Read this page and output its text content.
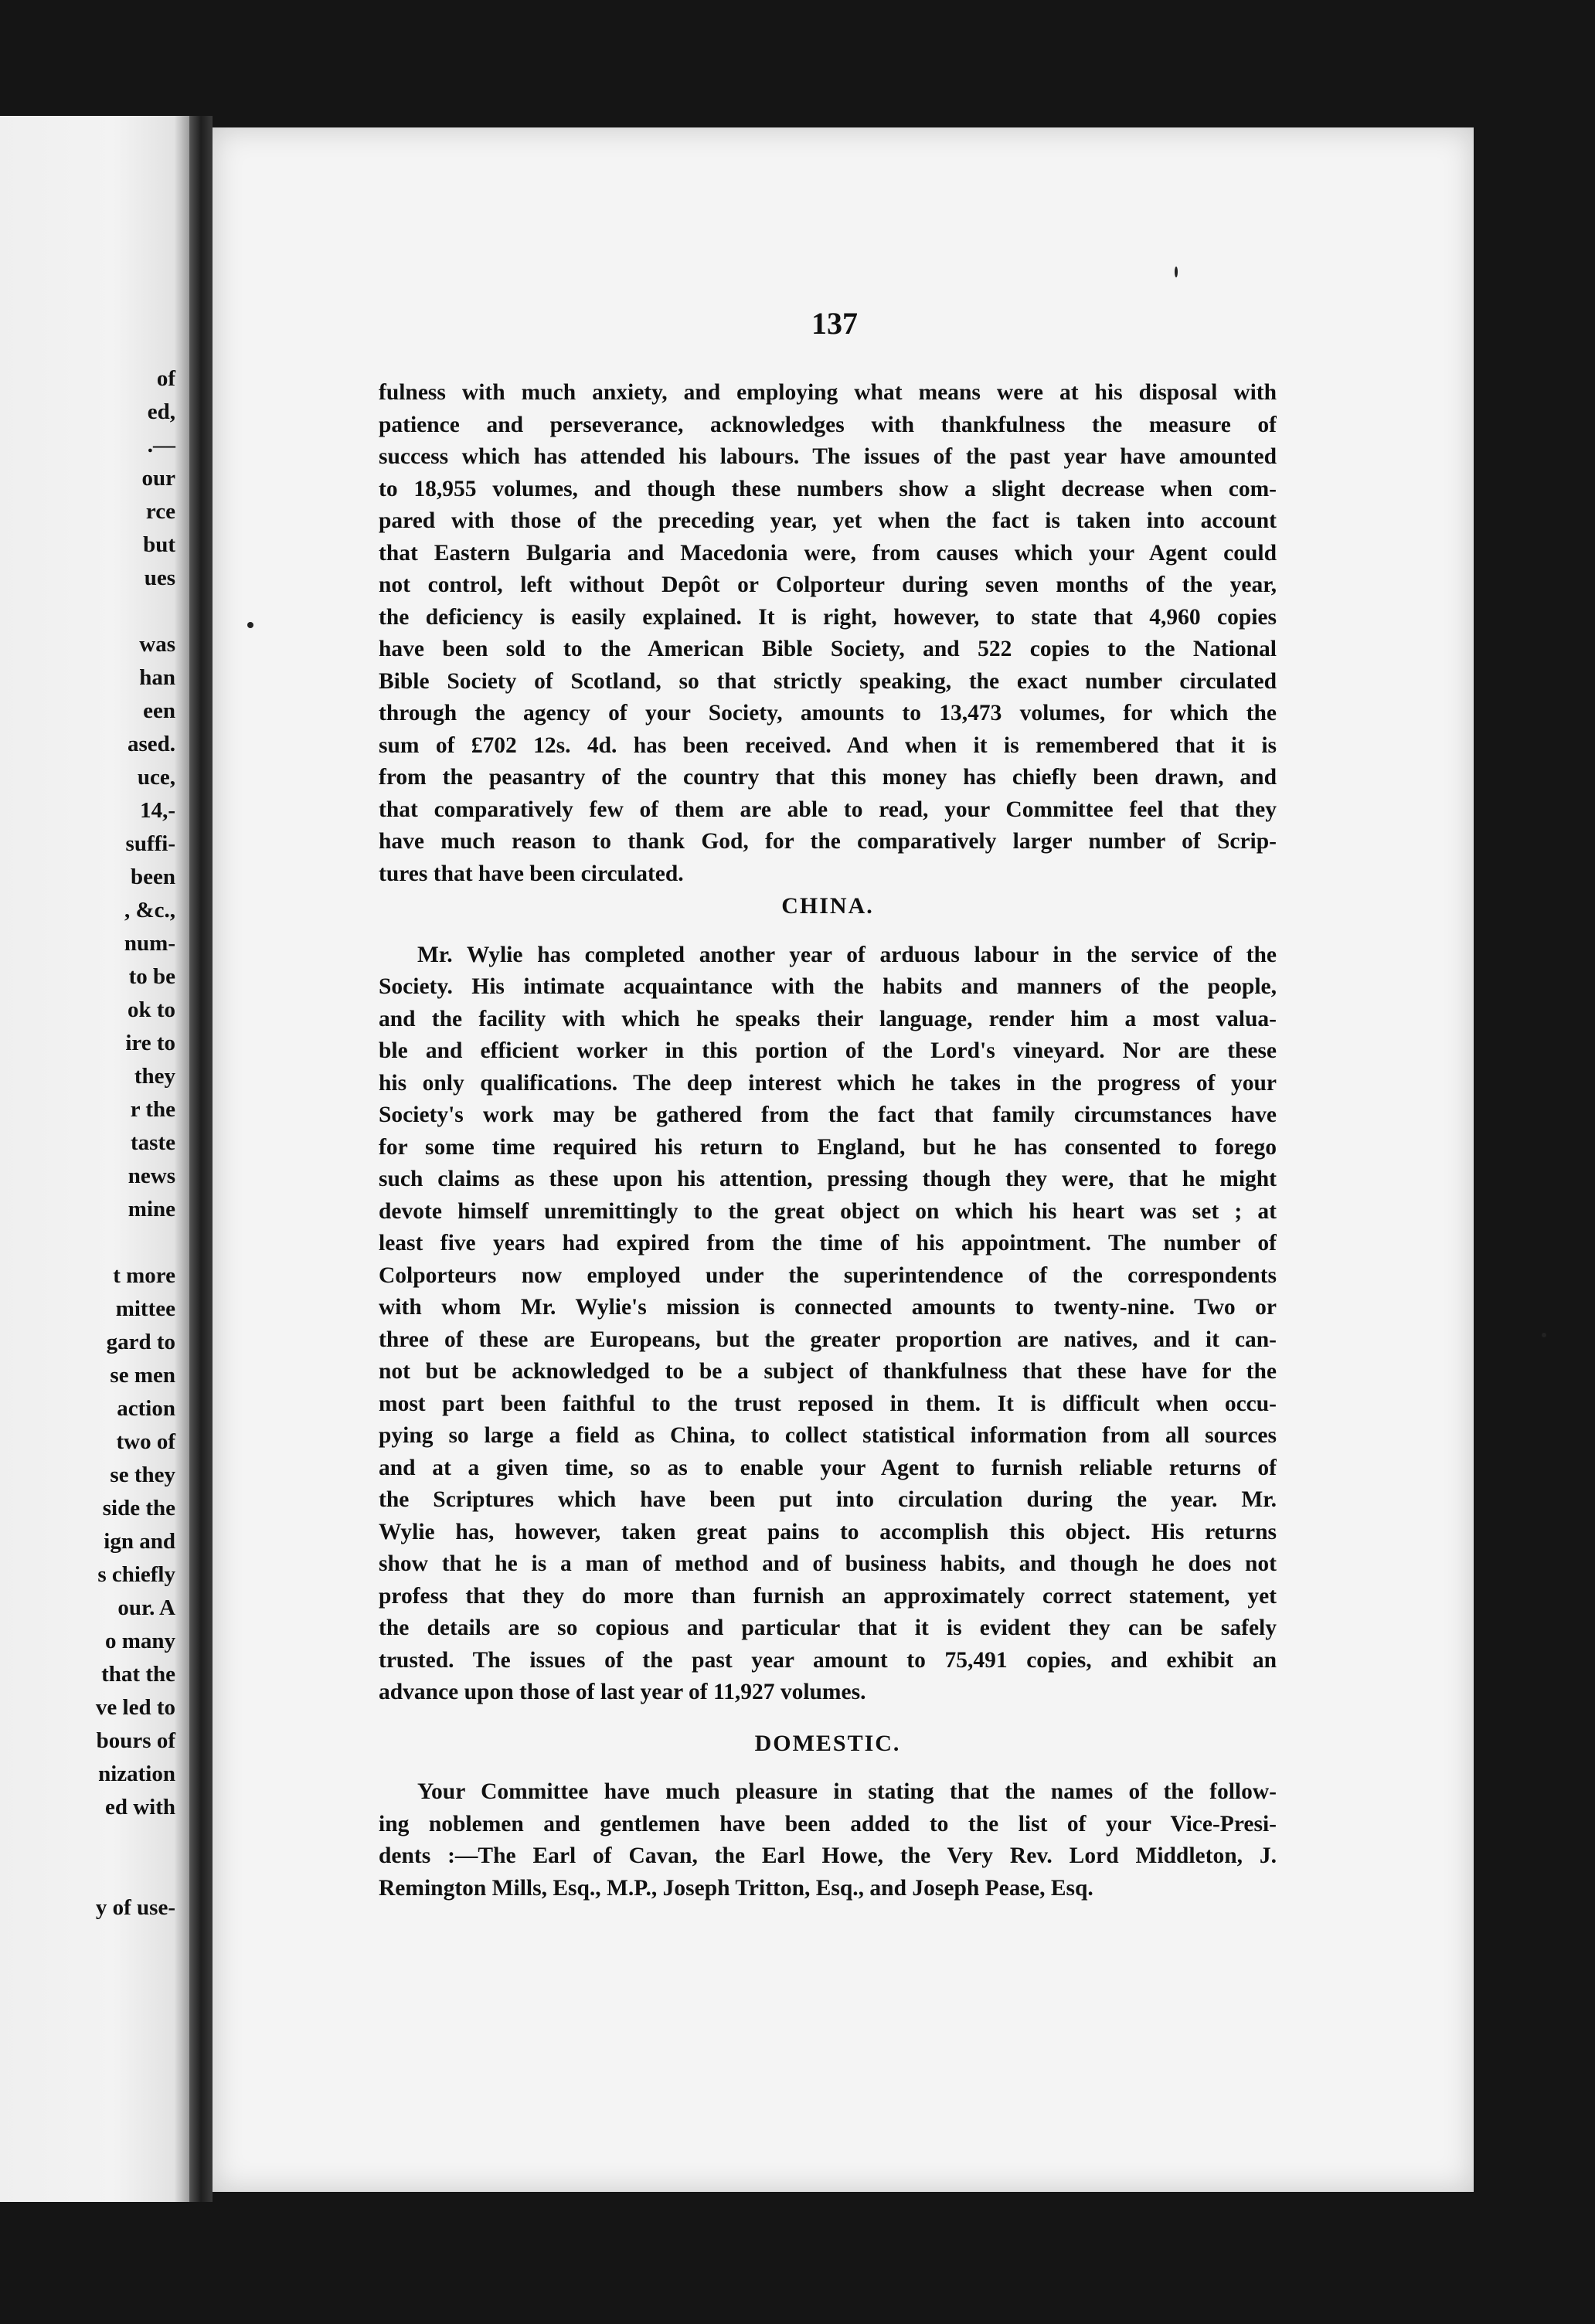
of
ed,
.—
our
rce
but
ues
was
han
een
ased.
uce,
14,-
suffi-
been
, &c.,
num-
to be
ok to
ire to
they
r the
taste
news
mine
t more
mittee
gard to
se men
action
two of
se they
side the
ign and
s chiefly
our. A
o many
that the
ve led to
bours of
nization
ed with
y of use-
137
fulness with much anxiety, and employing what means were at his disposal with
patience and perseverance, acknowledges with thankfulness the measure of
success which has attended his labours. The issues of the past year have amounted
to 18,955 volumes, and though these numbers show a slight decrease when com-
pared with those of the preceding year, yet when the fact is taken into account
that Eastern Bulgaria and Macedonia were, from causes which your Agent could
not control, left without Depôt or Colporteur during seven months of the year,
the deficiency is easily explained. It is right, however, to state that 4,960 copies
have been sold to the American Bible Society, and 522 copies to the National
Bible Society of Scotland, so that strictly speaking, the exact number circulated
through the agency of your Society, amounts to 13,473 volumes, for which the
sum of £702 12s. 4d. has been received. And when it is remembered that it is
from the peasantry of the country that this money has chiefly been drawn, and
that comparatively few of them are able to read, your Committee feel that they
have much reason to thank God, for the comparatively larger number of Scrip-
tures that have been circulated.
CHINA.
Mr. Wylie has completed another year of arduous labour in the service of the
Society. His intimate acquaintance with the habits and manners of the people,
and the facility with which he speaks their language, render him a most valua-
ble and efficient worker in this portion of the Lord's vineyard. Nor are these
his only qualifications. The deep interest which he takes in the progress of your
Society's work may be gathered from the fact that family circumstances have
for some time required his return to England, but he has consented to forego
such claims as these upon his attention, pressing though they were, that he might
devote himself unremittingly to the great object on which his heart was set ; at
least five years had expired from the time of his appointment. The number of
Colporteurs now employed under the superintendence of the correspondents
with whom Mr. Wylie's mission is connected amounts to twenty-nine. Two or
three of these are Europeans, but the greater proportion are natives, and it can-
not but be acknowledged to be a subject of thankfulness that these have for the
most part been faithful to the trust reposed in them. It is difficult when occu-
pying so large a field as China, to collect statistical information from all sources
and at a given time, so as to enable your Agent to furnish reliable returns of
the Scriptures which have been put into circulation during the year. Mr.
Wylie has, however, taken great pains to accomplish this object. His returns
show that he is a man of method and of business habits, and though he does not
profess that they do more than furnish an approximately correct statement, yet
the details are so copious and particular that it is evident they can be safely
trusted. The issues of the past year amount to 75,491 copies, and exhibit an
advance upon those of last year of 11,927 volumes.
DOMESTIC.
Your Committee have much pleasure in stating that the names of the follow-
ing noblemen and gentlemen have been added to the list of your Vice-Presi-
dents :—The Earl of Cavan, the Earl Howe, the Very Rev. Lord Middleton, J.
Remington Mills, Esq., M.P., Joseph Tritton, Esq., and Joseph Pease, Esq.
